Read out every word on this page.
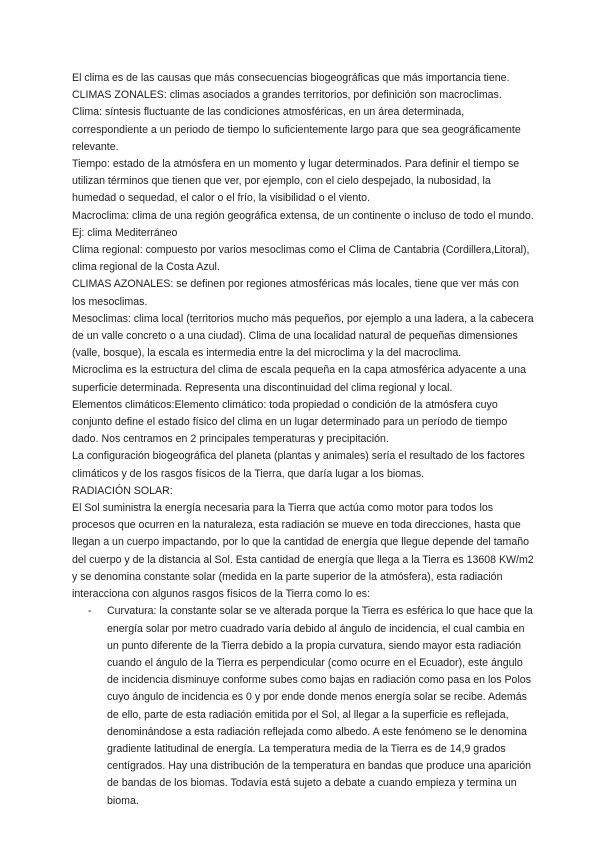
El clima es de las causas que más consecuencias biogeográficas que más importancia tiene.

CLIMAS ZONALES: climas asociados a grandes territorios, por definición son macroclimas.

Clima: síntesis fluctuante de las condiciones atmosféricas, en un área determinada, correspondiente a un periodo de tiempo lo suficientemente largo para que sea geográficamente relevante.

Tiempo: estado de la atmósfera en un momento y lugar determinados. Para definir el tiempo se utilizan términos que tienen que ver, por ejemplo, con el cielo despejado, la nubosidad, la humedad o sequedad, el calor o el frío, la visibilidad o el viento.

Macroclima: clima de una región geográfica extensa, de un continente o incluso de todo el mundo. Ej: clima Mediterráneo

Clima regional: compuesto por varios mesoclimas como el Clima de Cantabria (Cordillera,Litoral), clima regional de la Costa Azul.

CLIMAS AZONALES: se definen por regiones atmosféricas más locales, tiene que ver más con los mesoclimas.

Mesoclimas: clima local (territorios mucho más pequeños, por ejemplo a una ladera, a la cabecera de un valle concreto o a una ciudad). Clima de una localidad natural de pequeñas dimensiones (valle, bosque), la escala es intermedia entre la del microclima y la del macroclima.

Microclima es la estructura del clima de escala pequeña en la capa atmosférica adyacente a una superficie determinada. Representa una discontinuidad del clima regional y local.

Elementos climáticos:Elemento climático: toda propiedad o condición de la atmósfera cuyo conjunto define el estado físico del clima en un lugar determinado para un período de tiempo dado. Nos centramos en 2 principales temperaturas y precipitación.

La configuración biogeográfica del planeta (plantas y animales) sería el resultado de los factores climáticos y de los rasgos físicos de la Tierra, que daría lugar a los biomas.

RADIACIÓN SOLAR:

El Sol suministra la energía necesaria para la Tierra que actúa como motor para todos los procesos que ocurren en la naturaleza, esta radiación se mueve en toda direcciones, hasta que llegan a un cuerpo impactando, por lo que la cantidad de energía que llegue depende del tamaño del cuerpo y de la distancia al Sol. Esta cantidad de energía que llega a la Tierra es 13608 KW/m2 y se denomina constante solar (medida en la parte superior de la atmósfera), esta radiación interacciona con algunos rasgos físicos de la Tierra como lo es:

- Curvatura: la constante solar se ve alterada porque la Tierra es esférica lo que hace que la energía solar por metro cuadrado varía debido al ángulo de incidencia, el cual cambia en un punto diferente de la Tierra debido a la propia curvatura, siendo mayor esta radiación cuando el ángulo de la Tierra es perpendicular (como ocurre en el Ecuador), este ángulo de incidencia disminuye conforme subes como bajas en radiación como pasa en los Polos cuyo ángulo de incidencia es 0 y por ende donde menos energía solar se recibe. Además de ello, parte de esta radiación emitida por el Sol, al llegar a la superficie es reflejada, denominándose a esta radiación reflejada como albedo. A este fenómeno se le denomina gradiente latitudinal de energía. La temperatura media de la Tierra es de 14,9 grados centígrados. Hay una distribución de la temperatura en bandas que produce una aparición de bandas de los biomas. Todavía está sujeto a debate a cuando empieza y termina un bioma.
